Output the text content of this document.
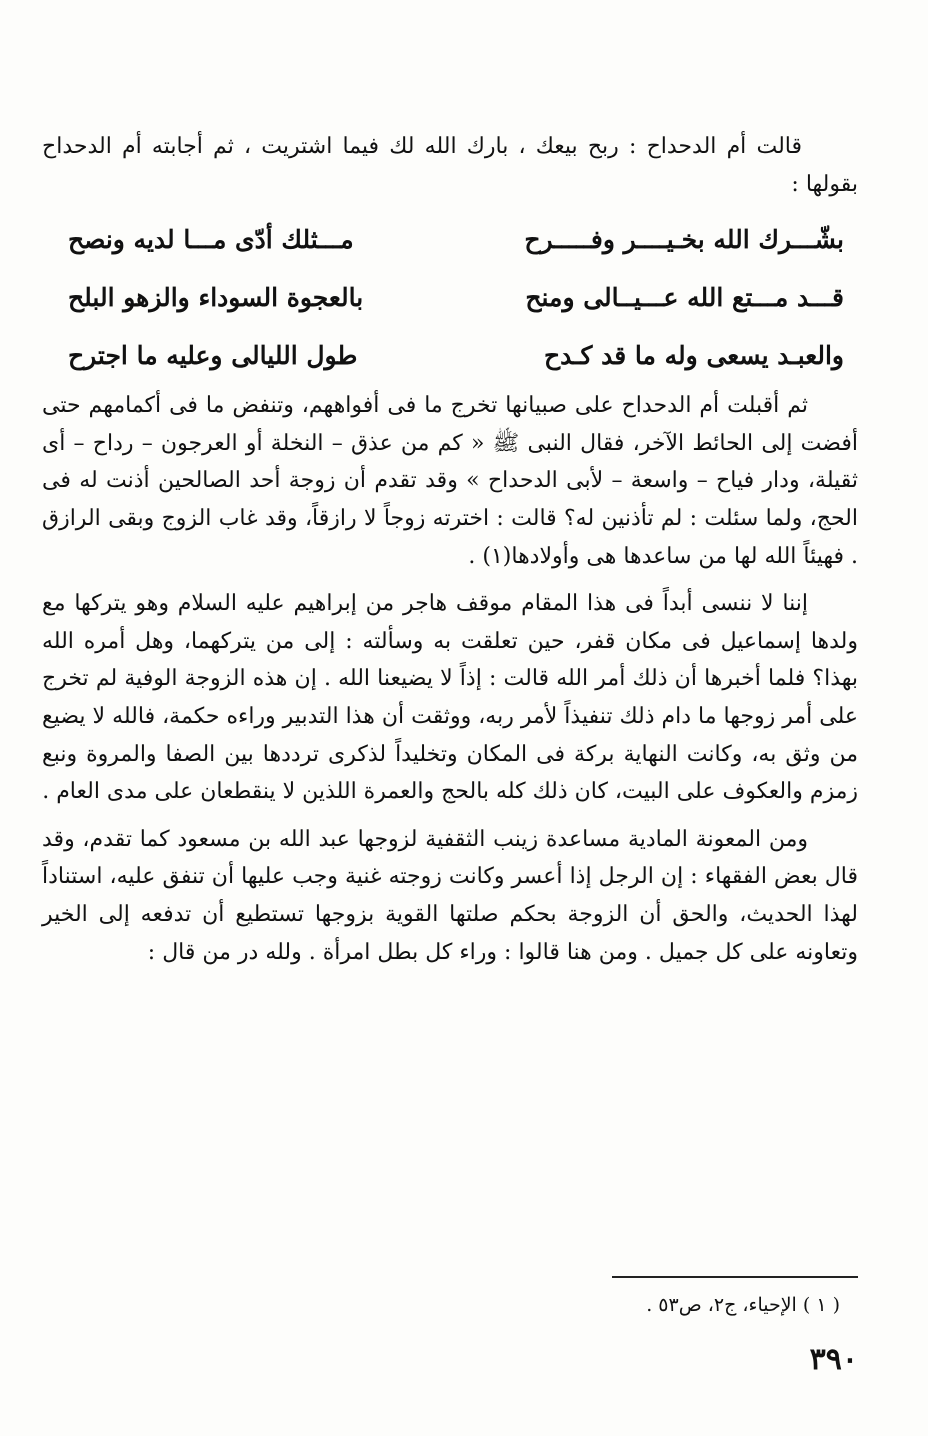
قالت أم الدحداح : ربح بيعك ، بارك الله لك فيما اشتريت ، ثم أجابته أم الدحداح بقولها :

بشّـــرك الله بخـيــــر وفـــــرح
مـــثلك أدّى مـــا لديه ونصح
قـــد مـــتع الله عـــيــالى ومنح
بالعجوة السوداء والزهو البلح
والعبـد يسعى وله ما قد كـدح
طول الليالى وعليه ما اجترح

ثم أقبلت أم الدحداح على صبيانها تخرج ما فى أفواههم، وتنفض ما فى أكمامهم حتى أفضت إلى الحائط الآخر، فقال النبى ﷺ « كم من عذق – النخلة أو العرجون – رداح – أى ثقيلة، ودار فياح – واسعة – لأبى الدحداح » وقد تقدم أن زوجة أحد الصالحين أذنت له فى الحج، ولما سئلت : لم تأذنين له؟ قالت : اخترته زوجاً لا رازقاً، وقد غاب الزوج وبقى الرازق . فهيئاً الله لها من ساعدها هى وأولادها(١) .

إننا لا ننسى أبداً فى هذا المقام موقف هاجر من إبراهيم عليه السلام وهو يتركها مع ولدها إسماعيل فى مكان قفر، حين تعلقت به وسألته : إلى من يتركهما، وهل أمره الله بهذا؟ فلما أخبرها أن ذلك أمر الله قالت : إذاً لا يضيعنا الله . إن هذه الزوجة الوفية لم تخرج على أمر زوجها ما دام ذلك تنفيذاً لأمر ربه، ووثقت أن هذا التدبير وراءه حكمة، فالله لا يضيع من وثق به، وكانت النهاية بركة فى المكان وتخليداً لذكرى ترددها بين الصفا والمروة ونبع زمزم والعكوف على البيت، كان ذلك كله بالحج والعمرة اللذين لا ينقطعان على مدى العام .

ومن المعونة المادية مساعدة زينب الثقفية لزوجها عبد الله بن مسعود كما تقدم، وقد قال بعض الفقهاء : إن الرجل إذا أعسر وكانت زوجته غنية وجب عليها أن تنفق عليه، استناداً لهذا الحديث، والحق أن الزوجة بحكم صلتها القوية بزوجها تستطيع أن تدفعه إلى الخير وتعاونه على كل جميل . ومن هنا قالوا : وراء كل بطل امرأة . ولله در من قال :

( ١ ) الإحياء، ج٢، ص٥٣ .
٣٩٠
